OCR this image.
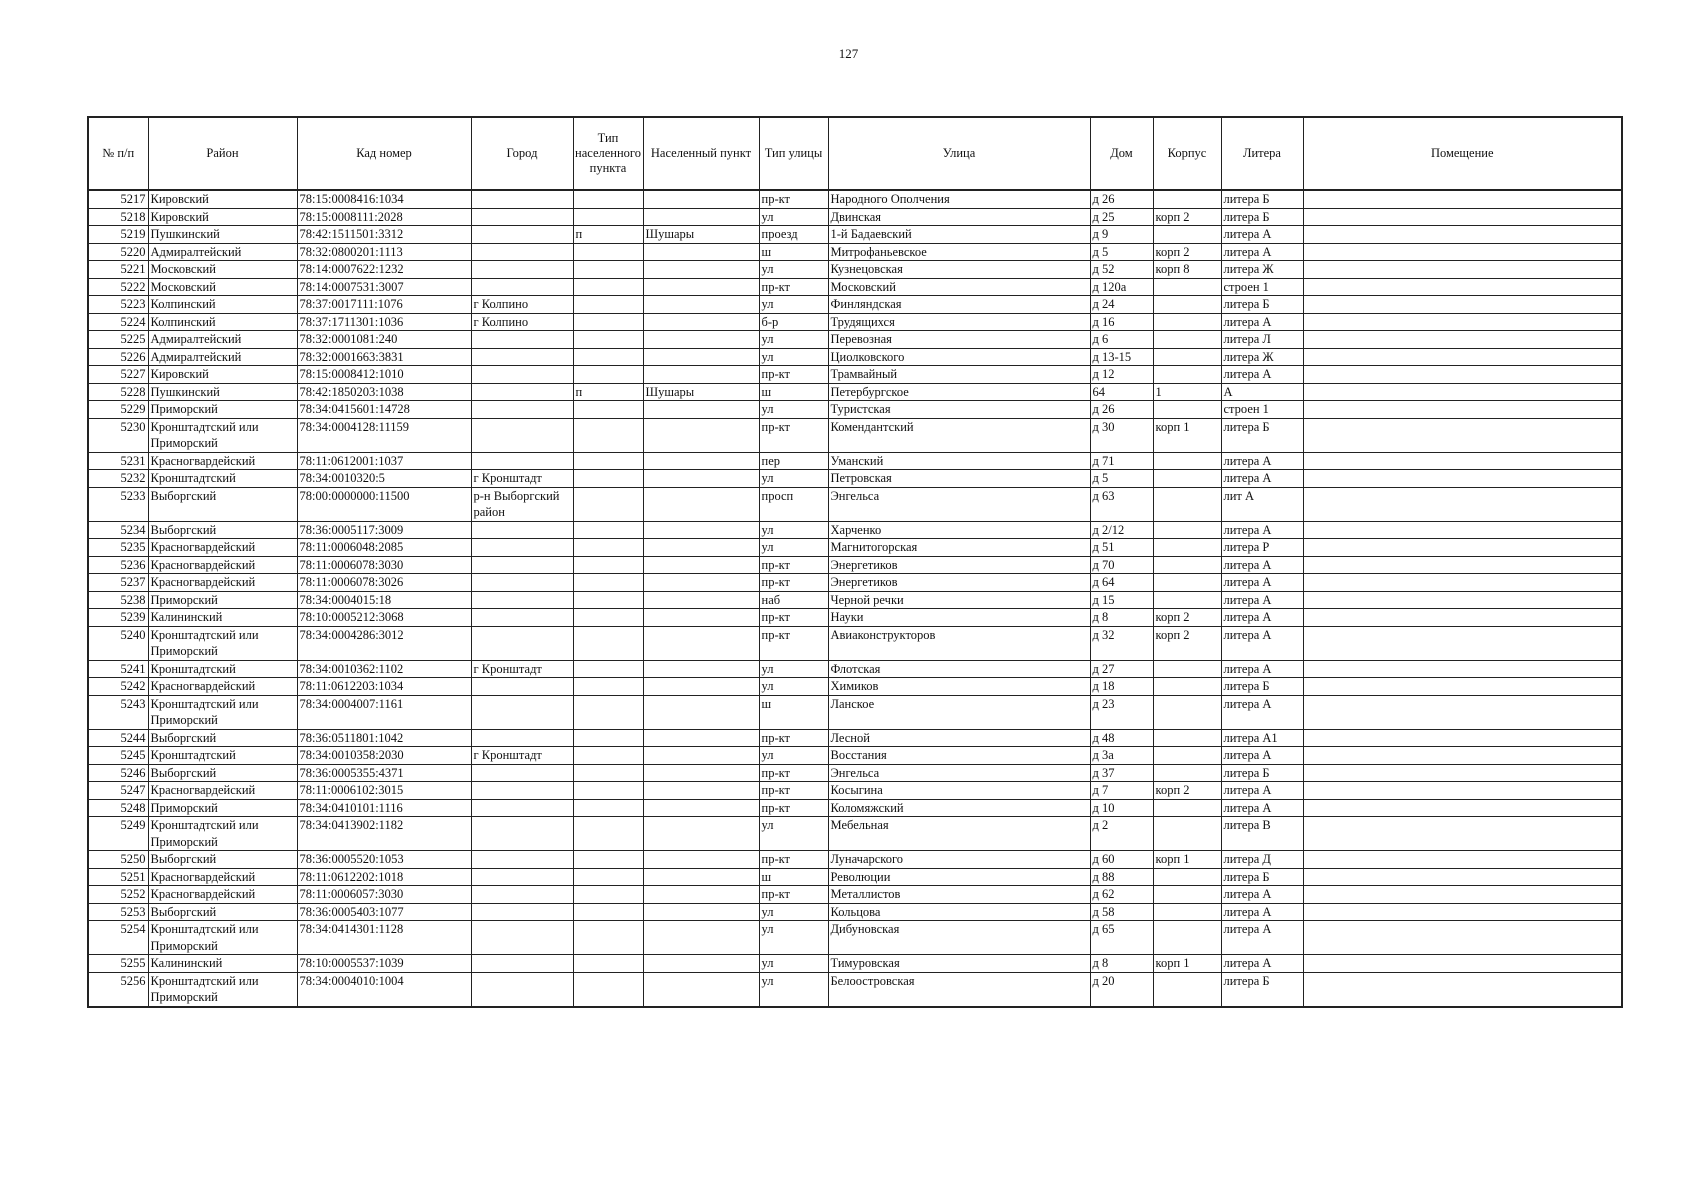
127
№ п/п	Район	Кад номер	Город	Тип населенного пункта	Населенный пункт	Тип улицы	Улица	Дом	Корпус	Литера	Помещение
5217	Кировский	78:15:0008416:1034				пр-кт	Народного Ополчения	д 26		литера Б	
5218	Кировский	78:15:0008111:2028				ул	Двинская	д 25	корп 2	литера Б	
5219	Пушкинский	78:42:1511501:3312		п	Шушары	проезд	1-й Бадаевский	д 9		литера А	
5220	Адмиралтейский	78:32:0800201:1113				ш	Митрофаньевское	д 5	корп 2	литера А	
5221	Московский	78:14:0007622:1232				ул	Кузнецовская	д 52	корп 8	литера Ж	
5222	Московский	78:14:0007531:3007				пр-кт	Московский	д 120а		строен 1	
5223	Колпинский	78:37:0017111:1076	г Колпино			ул	Финляндская	д 24		литера Б	
5224	Колпинский	78:37:1711301:1036	г Колпино			б-р	Трудящихся	д 16		литера А	
5225	Адмиралтейский	78:32:0001081:240				ул	Перевозная	д 6		литера Л	
5226	Адмиралтейский	78:32:0001663:3831				ул	Циолковского	д 13-15		литера Ж	
5227	Кировский	78:15:0008412:1010				пр-кт	Трамвайный	д 12		литера А	
5228	Пушкинский	78:42:1850203:1038		п	Шушары	ш	Петербургское	64	1	А	
5229	Приморский	78:34:0415601:14728				ул	Туристская	д 26		строен 1	
5230	Кронштадтский или Приморский	78:34:0004128:11159				пр-кт	Комендантский	д 30	корп 1	литера Б	
5231	Красногвардейский	78:11:0612001:1037				пер	Уманский	д 71		литера А	
5232	Кронштадтский	78:34:0010320:5	г Кронштадт			ул	Петровская	д 5		литера А	
5233	Выборгский	78:00:0000000:11500	р-н Выборгский район			просп	Энгельса	д 63		лит А	
5234	Выборгский	78:36:0005117:3009				ул	Харченко	д 2/12		литера А	
5235	Красногвардейский	78:11:0006048:2085				ул	Магнитогорская	д 51		литера Р	
5236	Красногвардейский	78:11:0006078:3030				пр-кт	Энергетиков	д 70		литера А	
5237	Красногвардейский	78:11:0006078:3026				пр-кт	Энергетиков	д 64		литера А	
5238	Приморский	78:34:0004015:18				наб	Черной речки	д 15		литера А	
5239	Калининский	78:10:0005212:3068				пр-кт	Науки	д 8	корп 2	литера А	
5240	Кронштадтский или Приморский	78:34:0004286:3012				пр-кт	Авиаконструкторов	д 32	корп 2	литера А	
5241	Кронштадтский	78:34:0010362:1102	г Кронштадт			ул	Флотская	д 27		литера А	
5242	Красногвардейский	78:11:0612203:1034				ул	Химиков	д 18		литера Б	
5243	Кронштадтский или Приморский	78:34:0004007:1161				ш	Ланское	д 23		литера А	
5244	Выборгский	78:36:0511801:1042				пр-кт	Лесной	д 48		литера А1	
5245	Кронштадтский	78:34:0010358:2030	г Кронштадт			ул	Восстания	д 3а		литера А	
5246	Выборгский	78:36:0005355:4371				пр-кт	Энгельса	д 37		литера Б	
5247	Красногвардейский	78:11:0006102:3015				пр-кт	Косыгина	д 7	корп 2	литера А	
5248	Приморский	78:34:0410101:1116				пр-кт	Коломяжский	д 10		литера А	
5249	Кронштадтский или Приморский	78:34:0413902:1182				ул	Мебельная	д 2		литера В	
5250	Выборгский	78:36:0005520:1053				пр-кт	Луначарского	д 60	корп 1	литера Д	
5251	Красногвардейский	78:11:0612202:1018				ш	Революции	д 88		литера Б	
5252	Красногвардейский	78:11:0006057:3030				пр-кт	Металлистов	д 62		литера А	
5253	Выборгский	78:36:0005403:1077				ул	Кольцова	д 58		литера А	
5254	Кронштадтский или Приморский	78:34:0414301:1128				ул	Дибуновская	д 65		литера А	
5255	Калининский	78:10:0005537:1039				ул	Тимуровская	д 8	корп 1	литера А	
5256	Кронштадтский или Приморский	78:34:0004010:1004				ул	Белоостровская	д 20		литера Б	
